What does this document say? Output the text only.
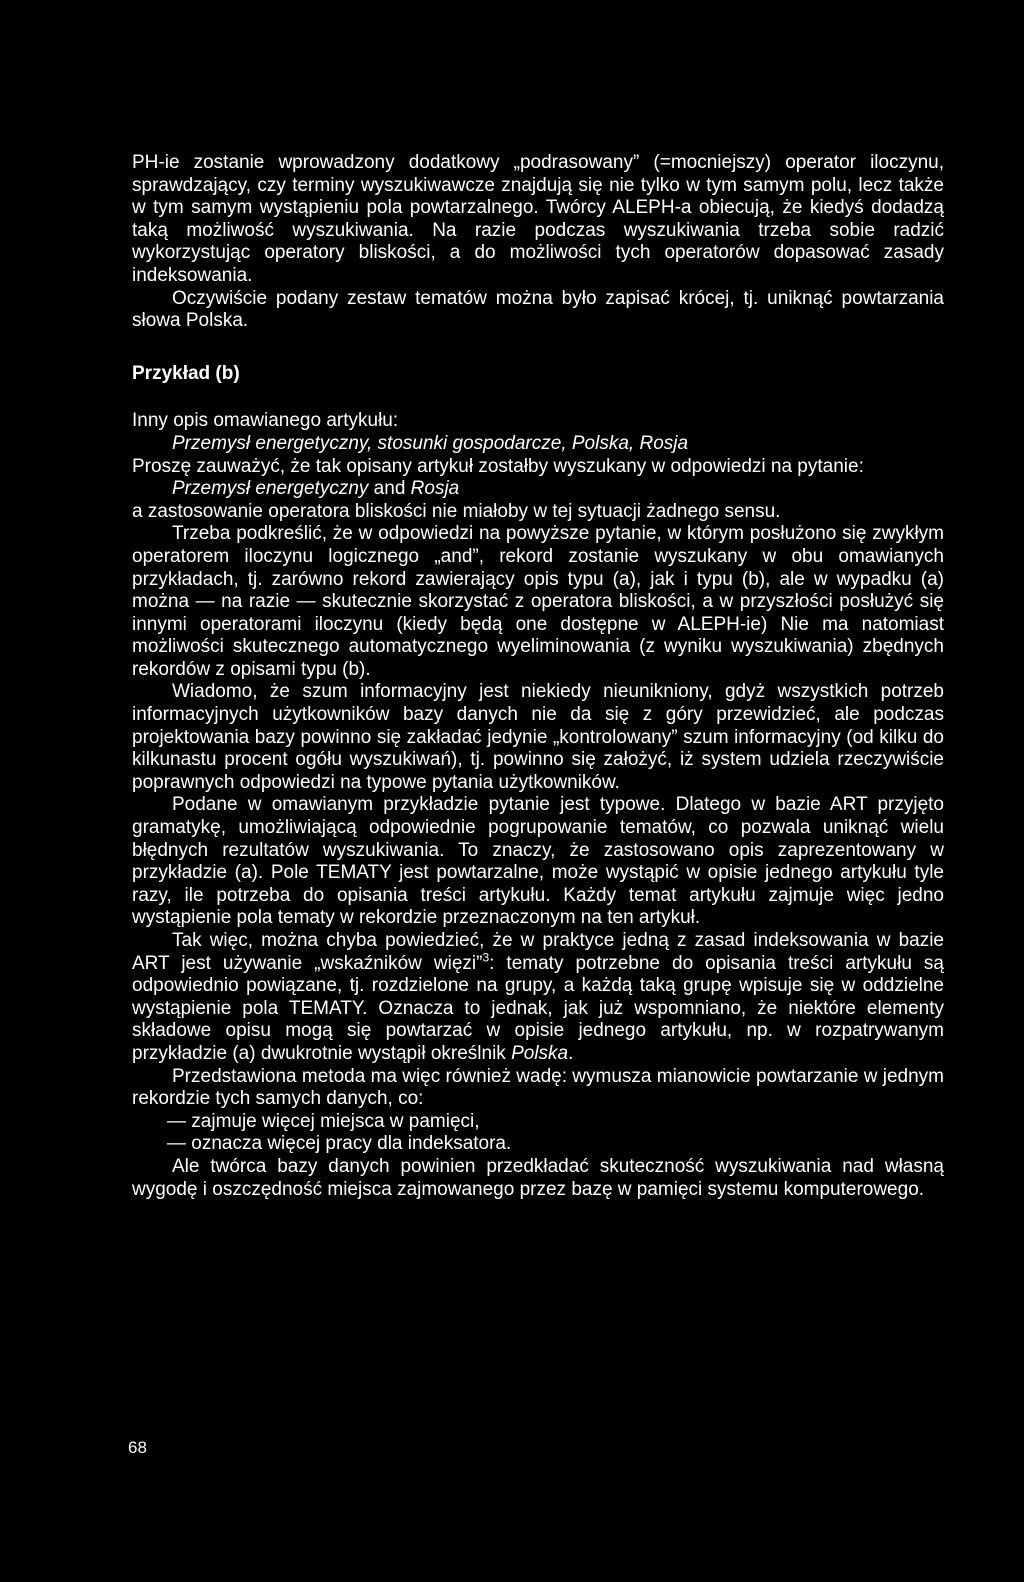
PH-ie zostanie wprowadzony dodatkowy „podrasowany” (=mocniejszy) operator iloczynu, sprawdzający, czy terminy wyszukiwawcze znajdują się nie tylko w tym samym polu, lecz także w tym samym wystąpieniu pola powtarzalnego. Twórcy ALEPH-a obiecują, że kiedyś dodadzą taką możliwość wyszukiwania. Na razie podczas wyszukiwania trzeba sobie radzić wykorzystując operatory bliskości, a do możliwości tych operatorów dopasować zasady indeksowania.

Oczywiście podany zestaw tematów można było zapisać krócej, tj. uniknąć powtarzania słowa Polska.

Przykład (b)

Inny opis omawianego artykułu:

Przemysł energetyczny, stosunki gospodarcze, Polska, Rosja

Proszę zauważyć, że tak opisany artykuł zostałby wyszukany w odpowiedzi na pytanie:

Przemysł energetyczny and Rosja

a zastosowanie operatora bliskości nie miałoby w tej sytuacji żadnego sensu.

Trzeba podkreślić, że w odpowiedzi na powyższe pytanie, w którym posłużono się zwykłym operatorem iloczynu logicznego „and”, rekord zostanie wyszukany w obu omawianych przykładach, tj. zarówno rekord zawierający opis typu (a), jak i typu (b), ale w wypadku (a) można — na razie — skutecznie skorzystać z operatora bliskości, a w przyszłości posłużyć się innymi operatorami iloczynu (kiedy będą one dostępne w ALEPH-ie) Nie ma natomiast możliwości skutecznego automatycznego wyeliminowania (z wyniku wyszukiwania) zbędnych rekordów z opisami typu (b).

Wiadomo, że szum informacyjny jest niekiedy nieunikniony, gdyż wszystkich potrzeb informacyjnych użytkowników bazy danych nie da się z góry przewidzieć, ale podczas projektowania bazy powinno się zakładać jedynie „kontrolowany” szum informacyjny (od kilku do kilkunastu procent ogółu wyszukiwań), tj. powinno się założyć, iż system udziela rzeczywiście poprawnych odpowiedzi na typowe pytania użytkowników.

Podane w omawianym przykładzie pytanie jest typowe. Dlatego w bazie ART przyjęto gramatykę, umożliwiającą odpowiednie pogrupowanie tematów, co pozwala uniknąć wielu błędnych rezultatów wyszukiwania. To znaczy, że zastosowano opis zaprezentowany w przykładzie (a). Pole TEMATY jest powtarzalne, może wystąpić w opisie jednego artykułu tyle razy, ile potrzeba do opisania treści artykułu. Każdy temat artykułu zajmuje więc jedno wystąpienie pola tematy w rekordzie przeznaczonym na ten artykuł.

Tak więc, można chyba powiedzieć, że w praktyce jedną z zasad indeksowania w bazie ART jest używanie „wskaźników więzi”$^3$: tematy potrzebne do opisania treści artykułu są odpowiednio powiązane, tj. rozdzielone na grupy, a każdą taką grupę wpisuje się w oddzielne wystąpienie pola TEMATY. Oznacza to jednak, jak już wspomniano, że niektóre elementy składowe opisu mogą się powtarzać w opisie jednego artykułu, np. w rozpatrywanym przykładzie (a) dwukrotnie wystąpił określnik Polska.

Przedstawiona metoda ma więc również wadę: wymusza mianowicie powtarzanie w jednym rekordzie tych samych danych, co:

— zajmuje więcej miejsca w pamięci,

— oznacza więcej pracy dla indeksatora.

Ale twórca bazy danych powinien przedkładać skuteczność wyszukiwania nad własną wygodę i oszczędność miejsca zajmowanego przez bazę w pamięci systemu komputerowego.

68
